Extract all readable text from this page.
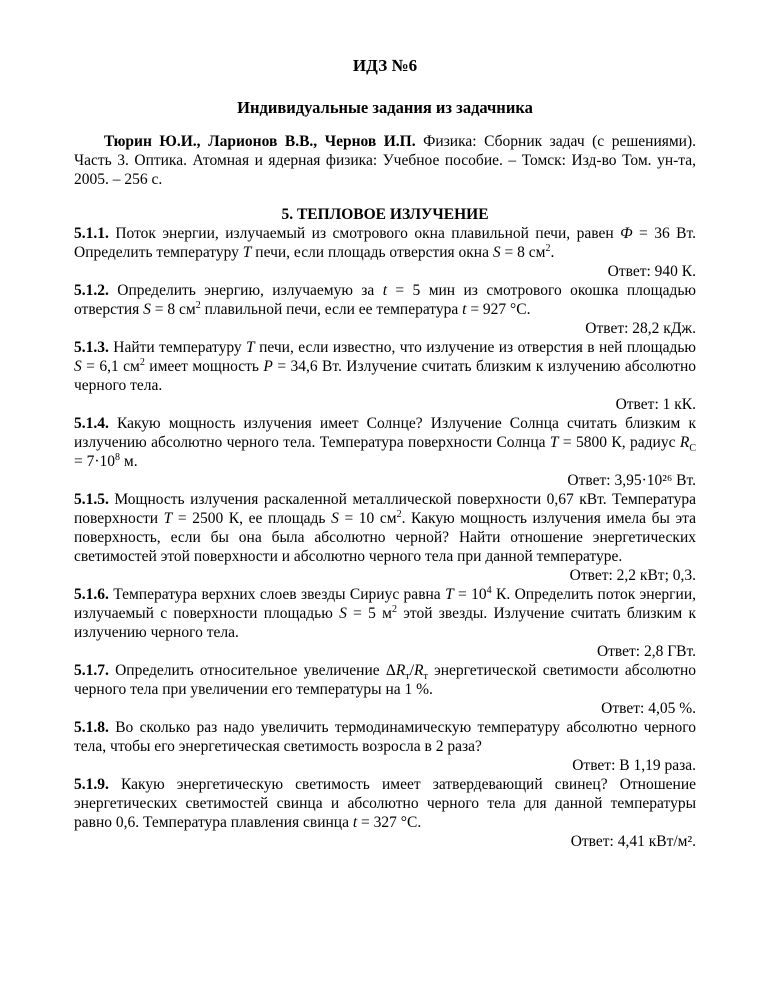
ИДЗ №6
Индивидуальные задания из задачника
Тюрин Ю.И., Ларионов В.В., Чернов И.П. Физика: Сборник задач (с решениями). Часть 3. Оптика. Атомная и ядерная физика: Учебное пособие. – Томск: Изд-во Том. ун-та, 2005. – 256 с.
5. ТЕПЛОВОЕ ИЗЛУЧЕНИЕ
5.1.1. Поток энергии, излучаемый из смотрового окна плавильной печи, равен Ф = 36 Вт. Определить температуру Т печи, если площадь отверстия окна S = 8 $см^2$.
Ответ: 940 К.
5.1.2. Определить энергию, излучаемую за t = 5 мин из смотрового окошка площадью отверстия S = 8 $см^2$ плавильной печи, если ее температура t = 927 °С.
Ответ: 28,2 кДж.
5.1.3. Найти температуру Т печи, если известно, что излучение из отверстия в ней площадью S = 6,1 $см^2$ имеет мощность Р = 34,6 Вт. Излучение считать близким к излучению абсолютно черного тела.
Ответ: 1 кК.
5.1.4. Какую мощность излучения имеет Солнце? Излучение Солнца считать близким к излучению абсолютно черного тела. Температура поверхности Солнца Т = 5800 К, радиус $R_С = 7\cdot 10^8$ м.
Ответ: 3,95·10²⁶ Вт.
5.1.5. Мощность излучения раскаленной металлической поверхности 0,67 кВт. Температура поверхности Т = 2500 К, ее площадь S = 10 $см^2$. Какую мощность излучения имела бы эта поверхность, если бы она была абсолютно черной? Найти отношение энергетических светимостей этой поверхности и абсолютно черного тела при данной температуре.
Ответ: 2,2 кВт; 0,3.
5.1.6. Температура верхних слоев звезды Сириус равна $Т = 10^4$ К. Определить поток энергии, излучаемый с поверхности площадью S = 5 $м^2$ этой звезды. Излучение считать близким к излучению черного тела.
Ответ: 2,8 ГВт.
5.1.7. Определить относительное увеличение $\Delta R_т/R_т$ энергетической светимости абсолютно черного тела при увеличении его температуры на 1 %.
Ответ: 4,05 %.
5.1.8. Во сколько раз надо увеличить термодинамическую температуру абсолютно черного тела, чтобы его энергетическая светимость возросла в 2 раза?
Ответ: В 1,19 раза.
5.1.9. Какую энергетическую светимость имеет затвердевающий свинец? Отношение энергетических светимостей свинца и абсолютно черного тела для данной температуры равно 0,6. Температура плавления свинца t = 327 °С.
Ответ: 4,41 кВт/м².
